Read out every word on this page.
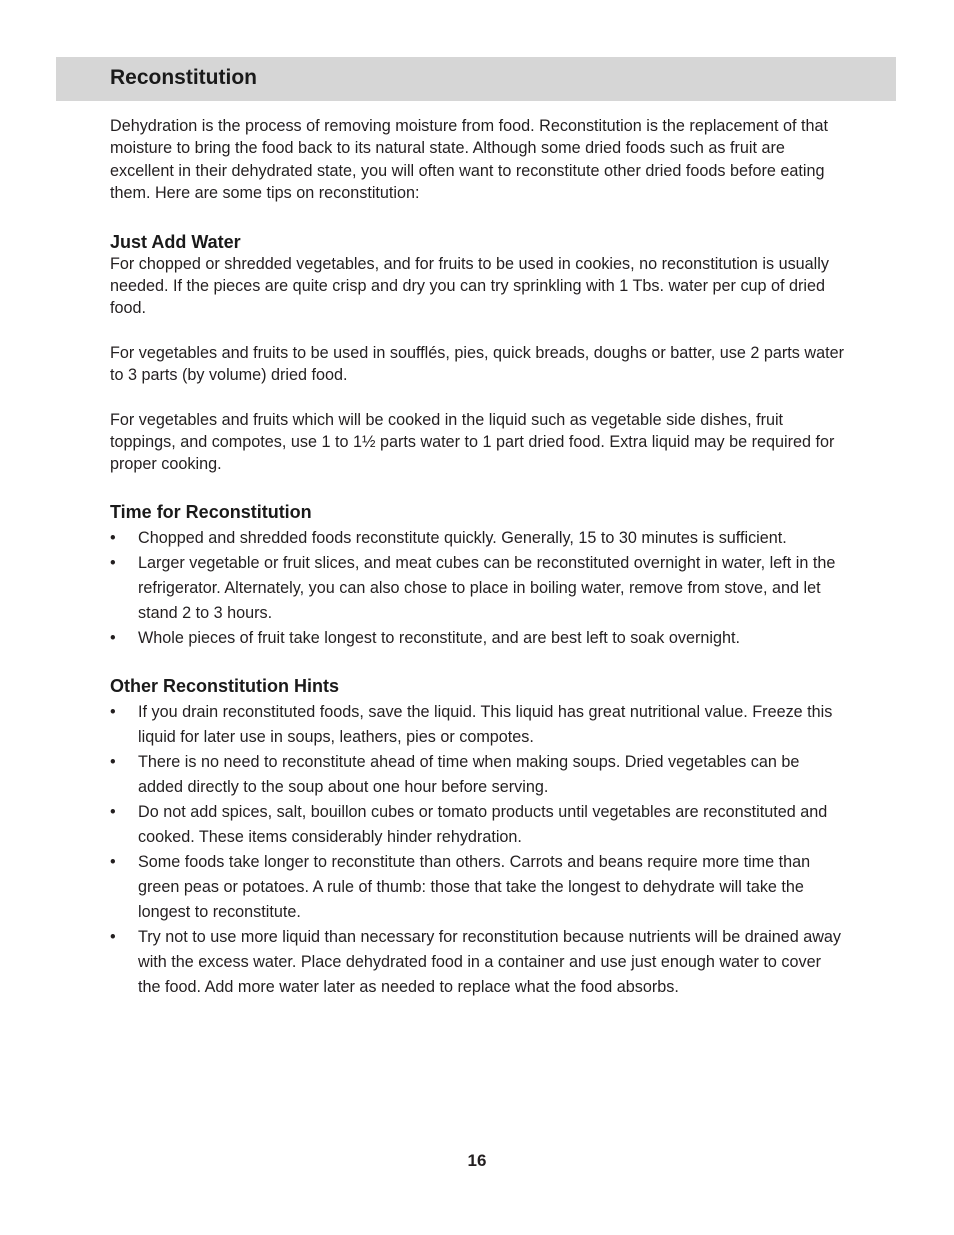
Reconstitution

Dehydration is the process of removing moisture from food. Reconstitution is the replacement of that moisture to bring the food back to its natural state. Although some dried foods such as fruit are excellent in their dehydrated state, you will often want to reconstitute other dried foods before eating them. Here are some tips on reconstitution:

Just Add Water

For chopped or shredded vegetables, and for fruits to be used in cookies, no reconstitution is usually needed. If the pieces are quite crisp and dry you can try sprinkling with 1 Tbs. water per cup of dried food.

For vegetables and fruits to be used in soufflés, pies, quick breads, doughs or batter, use 2 parts water to 3 parts (by volume) dried food.

For vegetables and fruits which will be cooked in the liquid such as vegetable side dishes, fruit toppings, and compotes, use 1 to 1½ parts water to 1 part dried food. Extra liquid may be required for proper cooking.

Time for Reconstitution
• Chopped and shredded foods reconstitute quickly. Generally, 15 to 30 minutes is sufficient.
• Larger vegetable or fruit slices, and meat cubes can be reconstituted overnight in water, left in the refrigerator. Alternately, you can also chose to place in boiling water, remove from stove, and let stand 2 to 3 hours.
• Whole pieces of fruit take longest to reconstitute, and are best left to soak overnight.
Other Reconstitution Hints
• If you drain reconstituted foods, save the liquid. This liquid has great nutritional value. Freeze this liquid for later use in soups, leathers, pies or compotes.
• There is no need to reconstitute ahead of time when making soups. Dried vegetables can be added directly to the soup about one hour before serving.
• Do not add spices, salt, bouillon cubes or tomato products until vegetables are reconstituted and cooked. These items considerably hinder rehydration.
• Some foods take longer to reconstitute than others. Carrots and beans require more time than green peas or potatoes. A rule of thumb: those that take the longest to dehydrate will take the longest to reconstitute.
• Try not to use more liquid than necessary for reconstitution because nutrients will be drained away with the excess water. Place dehydrated food in a container and use just enough water to cover the food. Add more water later as needed to replace what the food absorbs.
16
